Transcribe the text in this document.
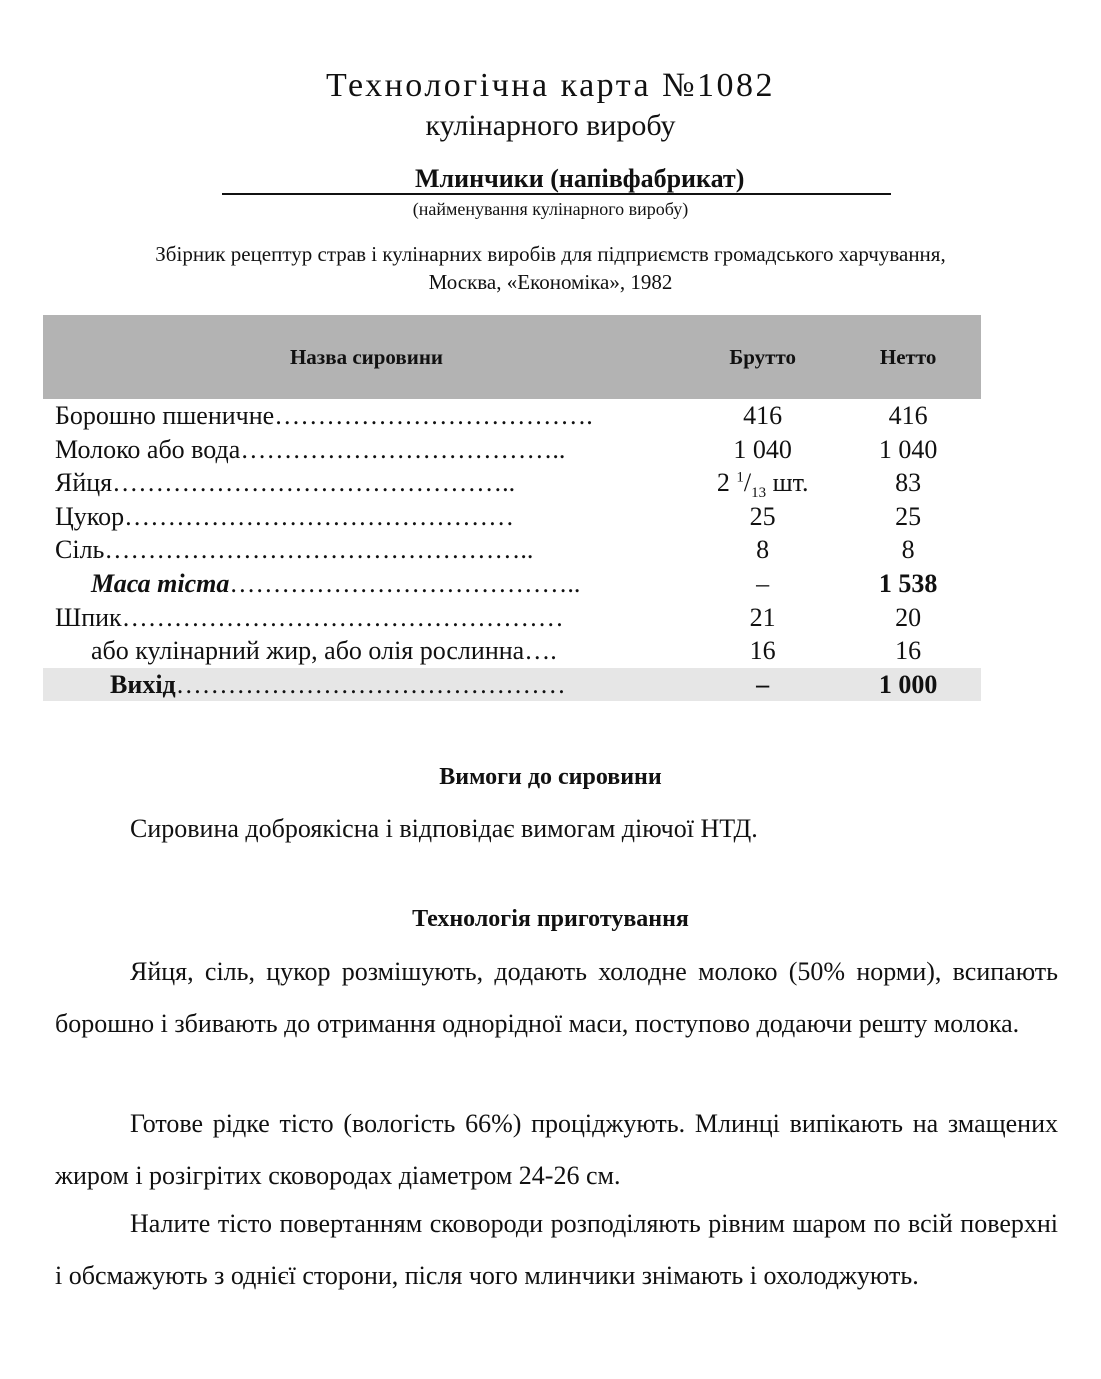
Технологічна карта №1082
кулінарного виробу
Млинчики (напівфабрикат)
(найменування кулінарного виробу)
Збірник рецептур страв і кулінарних виробів для підприємств громадського харчування,
Москва, «Економіка», 1982
Назва сировини	Брутто	Нетто

Борошно пшеничне……………………………….	416	416

Молоко або вода………………………………..	1 040	1 040

Яйця………………………………………..	2 $^1/_{13}$ шт.	83

Цукор………………………………………	25	25

Сіль…………………………………………..	8	8

Маса тіста…………………………………..	–	1 538

Шпик……………………………………………	21	20

або кулінарний жир, або олія рослинна….	16	16

Вихід………………………………………	–	1 000
Вимоги до сировини
Сировина доброякісна і відповідає вимогам діючої НТД.
Технологія приготування
Яйця, сіль, цукор розмішують, додають холодне молоко (50% норми), всипають борошно і збивають до отримання однорідної маси, поступово додаючи решту молока.
Готове рідке тісто (вологість 66%) проціджують. Млинці випікають на змащених жиром і розігрітих сковородах діаметром 24-26 см.
Налите тісто повертанням сковороди розподіляють рівним шаром по всій поверхні і обсмажують з однієї сторони, після чого млинчики знімають і охолоджують.
